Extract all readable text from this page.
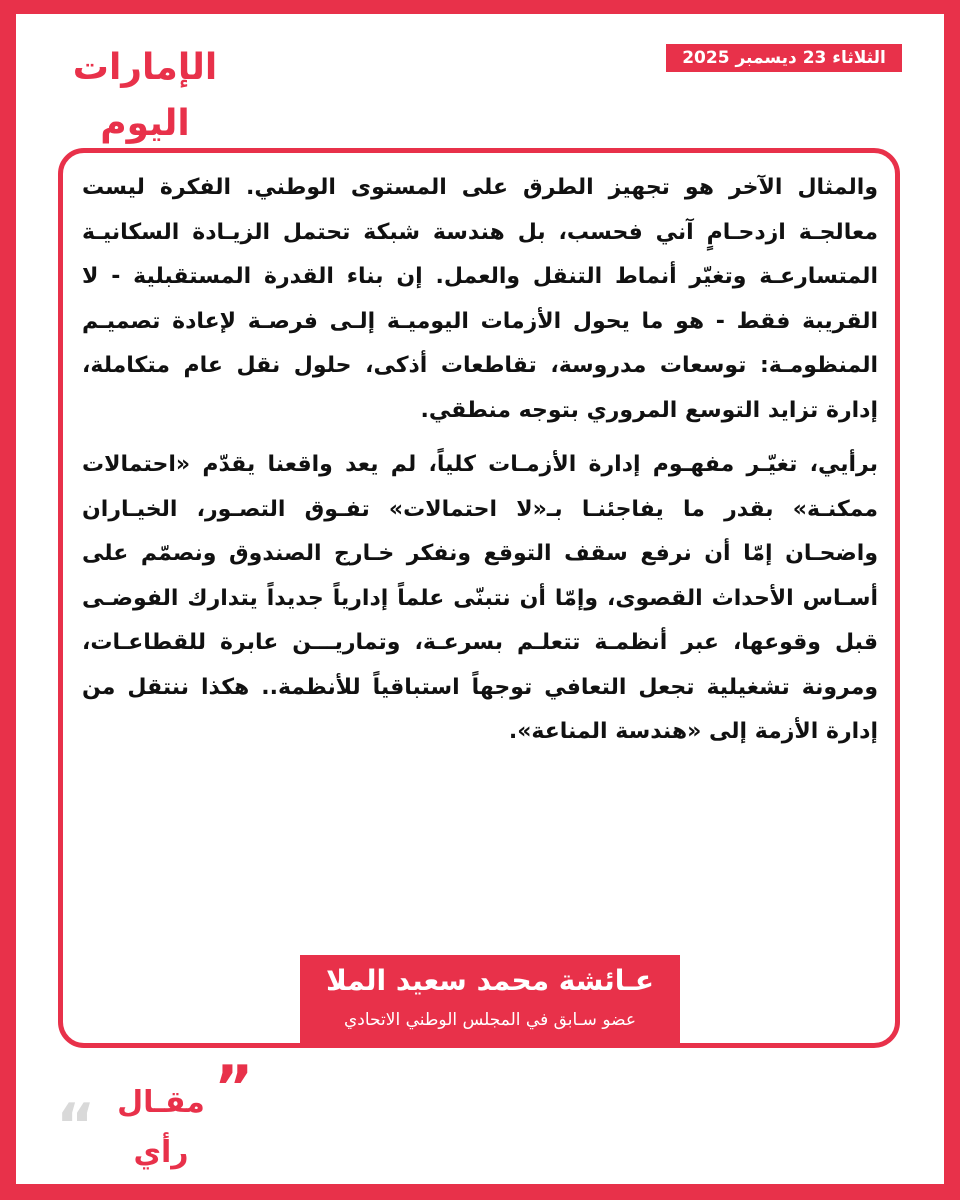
الثلاثاء 23 ديسمبر 2025
الإمارات اليوم

والمثال الآخر هو تجهيز الطرق على المستوى الوطني. الفكرة ليست معالجـة ازدحـامٍ آني فحسب، بل هندسة شبكة تحتمل الزيـادة السكانيـة المتسارعـة وتغيّر أنماط التنقل والعمل. إن بناء القدرة المستقبلية - لا القريبة فقط - هو ما يحول الأزمات اليوميـة إلـى فرصـة لإعادة تصميـم المنظومـة: توسعات مدروسة، تقاطعات أذكى، حلول نقل عام متكاملة، إدارة تزايد التوسع المروري بتوجه منطقي.

برأيي، تغيّـر مفهـوم إدارة الأزمـات كلياً، لم يعد واقعنا يقدّم «احتمالات ممكنـة» بقدر ما يفاجئنـا بـ«لا احتمالات» تفـوق التصـور، الخيـاران واضحـان إمّا أن نرفع سقف التوقع ونفكر خـارج الصندوق ونصمّم على أسـاس الأحداث القصوى، وإمّا أن نتبنّى علماً إدارياً جديداً يتدارك الفوضـى قبل وقوعها، عبر أنظمـة تتعلـم بسرعـة، وتماريـــن عابرة للقطاعـات، ومرونة تشغيلية تجعل التعافي توجهاً استباقياً للأنظمة.. هكذا ننتقل من إدارة الأزمة إلى «هندسة المناعة».

عـائشة محمد سعيد الملا
عضو سـابق في المجلس الوطني الاتحادي
”
“ مقـال رأي
